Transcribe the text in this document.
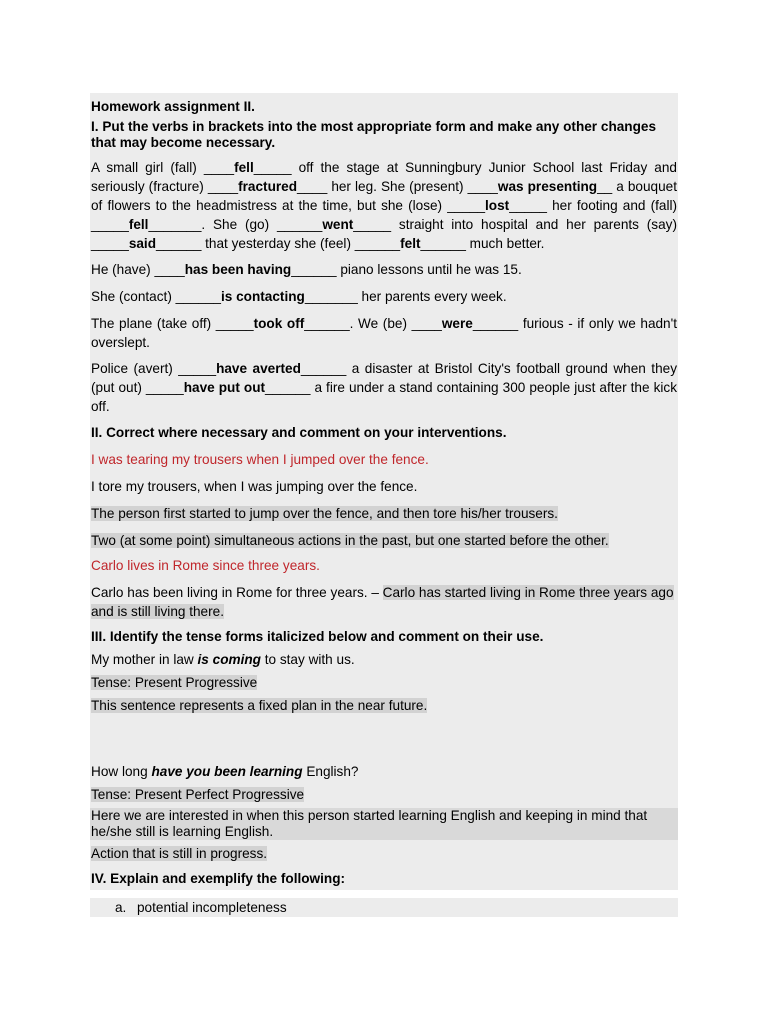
Homework assignment II.

I. Put the verbs in brackets into the most appropriate form and make any other changes that may become necessary.

A small girl (fall) ____fell_____ off the stage at Sunningbury Junior School last Friday and seriously (fracture) ____fractured____ her leg. She (present) ____was presenting__ a bouquet of flowers to the headmistress at the time, but she (lose) _____lost_____ her footing and (fall) _____fell_______. She (go) ______went_____ straight into hospital and her parents (say) _____said______ that yesterday she (feel) ______felt______ much better.

He (have) ____has been having______ piano lessons until he was 15.

She (contact) ______is contacting_______ her parents every week.

The plane (take off) _____took off______. We (be) ____were______ furious - if only we hadn't overslept.

Police (avert) _____have averted______ a disaster at Bristol City's football ground when they (put out) _____have put out______ a fire under a stand containing 300 people just after the kick off.

II. Correct where necessary and comment on your interventions.

I was tearing my trousers when I jumped over the fence.

I tore my trousers, when I was jumping over the fence.

The person first started to jump over the fence, and then tore his/her trousers.

Two (at some point) simultaneous actions in the past, but one started before the other.

Carlo lives in Rome since three years.

Carlo has been living in Rome for three years. – Carlo has started living in Rome three years ago and is still living there.

III. Identify the tense forms italicized below and comment on their use.

My mother in law is coming to stay with us.

Tense: Present Progressive

This sentence represents a fixed plan in the near future.

How long have you been learning English?

Tense: Present Perfect Progressive

Here we are interested in when this person started learning English and keeping in mind that he/she still is learning English.

Action that is still in progress.

IV. Explain and exemplify the following:

a. potential incompleteness
